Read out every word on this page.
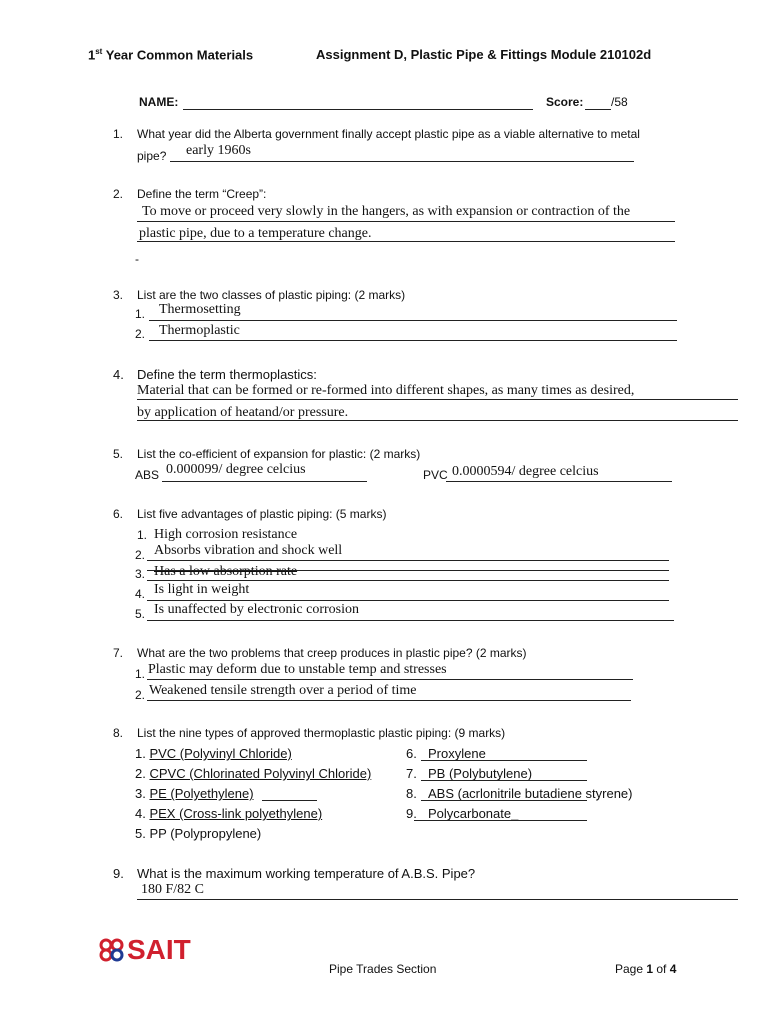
1st Year Common Materials	Assignment D, Plastic Pipe & Fittings Module 210102d
NAME:	Score: /58
1. What year did the Alberta government finally accept plastic pipe as a viable alternative to metal
pipe? early 1960s
2. Define the term “Creep”:
To move or proceed very slowly in the hangers, as with expansion or contraction of the
plastic pipe, due to a temperature change.
-
3. List are the two classes of plastic piping: (2 marks)
1. Thermosetting
2. Thermoplastic
4. Define the term thermoplastics:
Material that can be formed or re-formed into different shapes, as many times as desired,
by application of heatand/or pressure.
5. List the co-efficient of expansion for plastic: (2 marks)
ABS 0.000099/ degree celcius	PVC 0.0000594/ degree celcius
6. List five advantages of plastic piping: (5 marks)
1. High corrosion resistance
2. Absorbs vibration and shock well
3. Has a low absorption rate
4. Is light in weight
5. Is unaffected by electronic corrosion
7. What are the two problems that creep produces in plastic pipe? (2 marks)
1. Plastic may deform due to unstable temp and stresses
2. Weakened tensile strength over a period of time
8. List the nine types of approved thermoplastic plastic piping: (9 marks)
1. PVC (Polyvinyl Chloride)
2. CPVC (Chlorinated Polyvinyl Chloride)
3. PE (Polyethylene)
4. PEX (Cross-link polyethylene)
5. PP (Polypropylene)
6. Proxylene
7. PB (Polybutylene)
8. ABS (acrlonitrile butadiene styrene)
9. Polycarbonate_
9. What is the maximum working temperature of A.B.S. Pipe?
180 F/82 C
SAIT
Pipe Trades Section	Page 1 of 4
